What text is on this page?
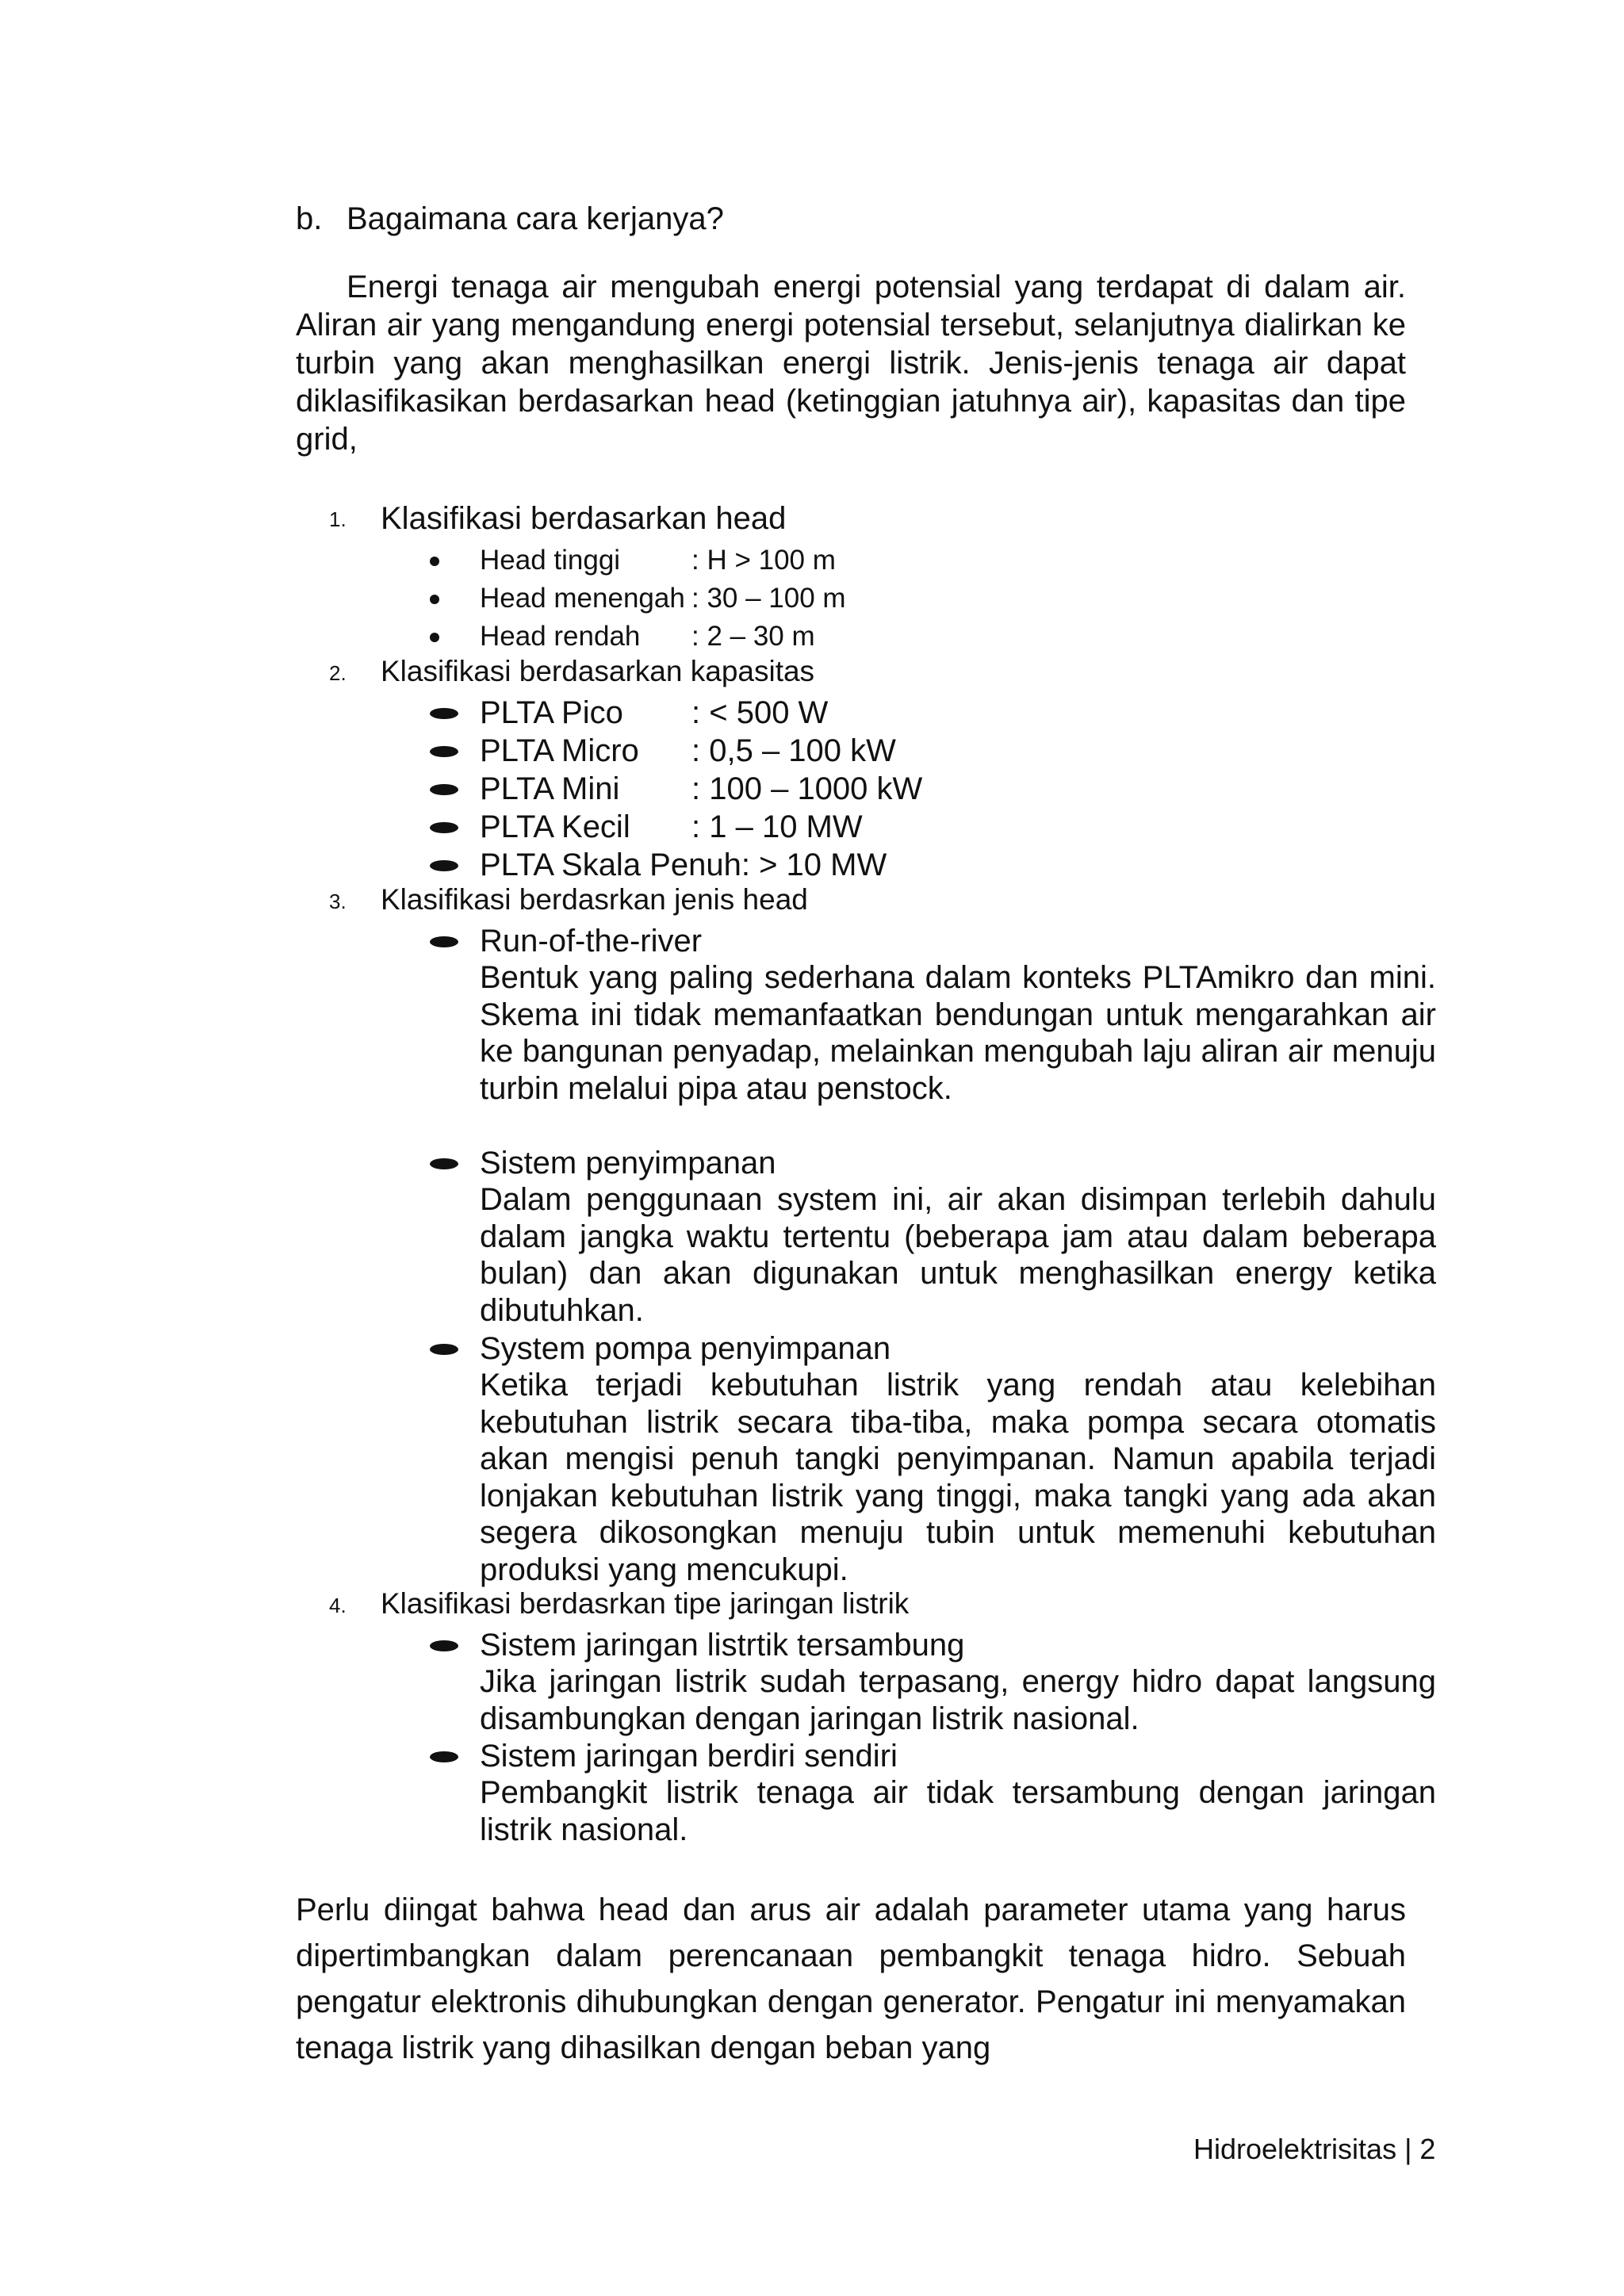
b. Bagaimana cara kerjanya?

Energi tenaga air mengubah energi potensial yang terdapat di dalam air. Aliran air yang mengandung energi potensial tersebut, selanjutnya dialirkan ke turbin yang akan menghasilkan energi listrik. Jenis-jenis tenaga air dapat diklasifikasikan berdasarkan head (ketinggian jatuhnya air), kapasitas dan tipe grid,

1. Klasifikasi berdasarkan head
Head tinggi	: H > 100 m
Head menengah : 30 – 100 m
Head rendah : 2 – 30 m
2. Klasifikasi berdasarkan kapasitas
PLTA Pico : < 500 W
PLTA Micro : 0,5 – 100 kW
PLTA Mini : 100 – 1000 kW
PLTA Kecil : 1 – 10 MW
PLTA Skala Penuh: > 10 MW
3. Klasifikasi berdasrkan jenis head
Run-of-the-river

Bentuk yang paling sederhana dalam konteks PLTAmikro dan mini. Skema ini tidak memanfaatkan bendungan untuk mengarahkan air ke bangunan penyadap, melainkan mengubah laju aliran air menuju turbin melalui pipa atau penstock.

Sistem penyimpanan

Dalam penggunaan system ini, air akan disimpan terlebih dahulu dalam jangka waktu tertentu (beberapa jam atau dalam beberapa bulan) dan akan digunakan untuk menghasilkan energy ketika dibutuhkan.

System pompa penyimpanan

Ketika terjadi kebutuhan listrik yang rendah atau kelebihan kebutuhan listrik secara tiba-tiba, maka pompa secara otomatis akan mengisi penuh tangki penyimpanan. Namun apabila terjadi lonjakan kebutuhan listrik yang tinggi, maka tangki yang ada akan segera dikosongkan menuju tubin untuk memenuhi kebutuhan produksi yang mencukupi.

4. Klasifikasi berdasrkan tipe jaringan listrik
Sistem jaringan listrtik tersambung

Jika jaringan listrik sudah terpasang, energy hidro dapat langsung disambungkan dengan jaringan listrik nasional.

Sistem jaringan berdiri sendiri

Pembangkit listrik tenaga air tidak tersambung dengan jaringan listrik nasional.

Perlu diingat bahwa head dan arus air adalah parameter utama yang harus dipertimbangkan dalam perencanaan pembangkit tenaga hidro. Sebuah pengatur elektronis dihubungkan dengan generator. Pengatur ini menyamakan tenaga listrik yang dihasilkan dengan beban yang

Hidroelektrisitas | 2
